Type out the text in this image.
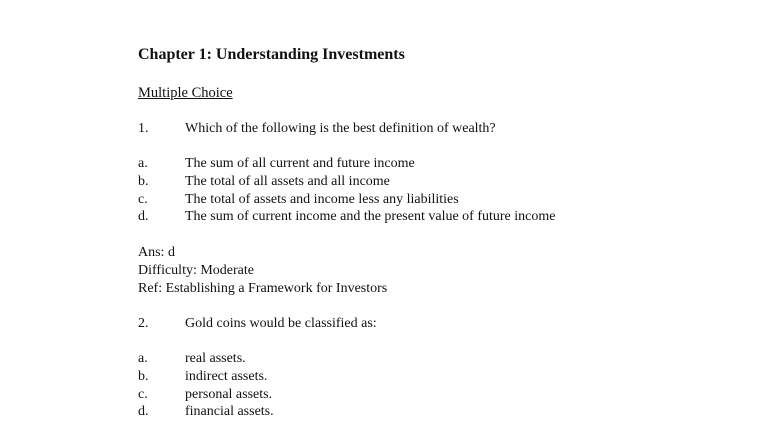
Chapter 1: Understanding Investments
Multiple Choice
1.	Which of the following is the best definition of wealth?
a.	The sum of all current and future income
b.	The total of all assets and all income
c.	The total of assets and income less any liabilities
d.	The sum of current income and the present value of future income
Ans: d
Difficulty: Moderate
Ref: Establishing a Framework for Investors
2.	Gold coins would be classified as:
a.	real assets.
b.	indirect assets.
c.	personal assets.
d.	financial assets.
